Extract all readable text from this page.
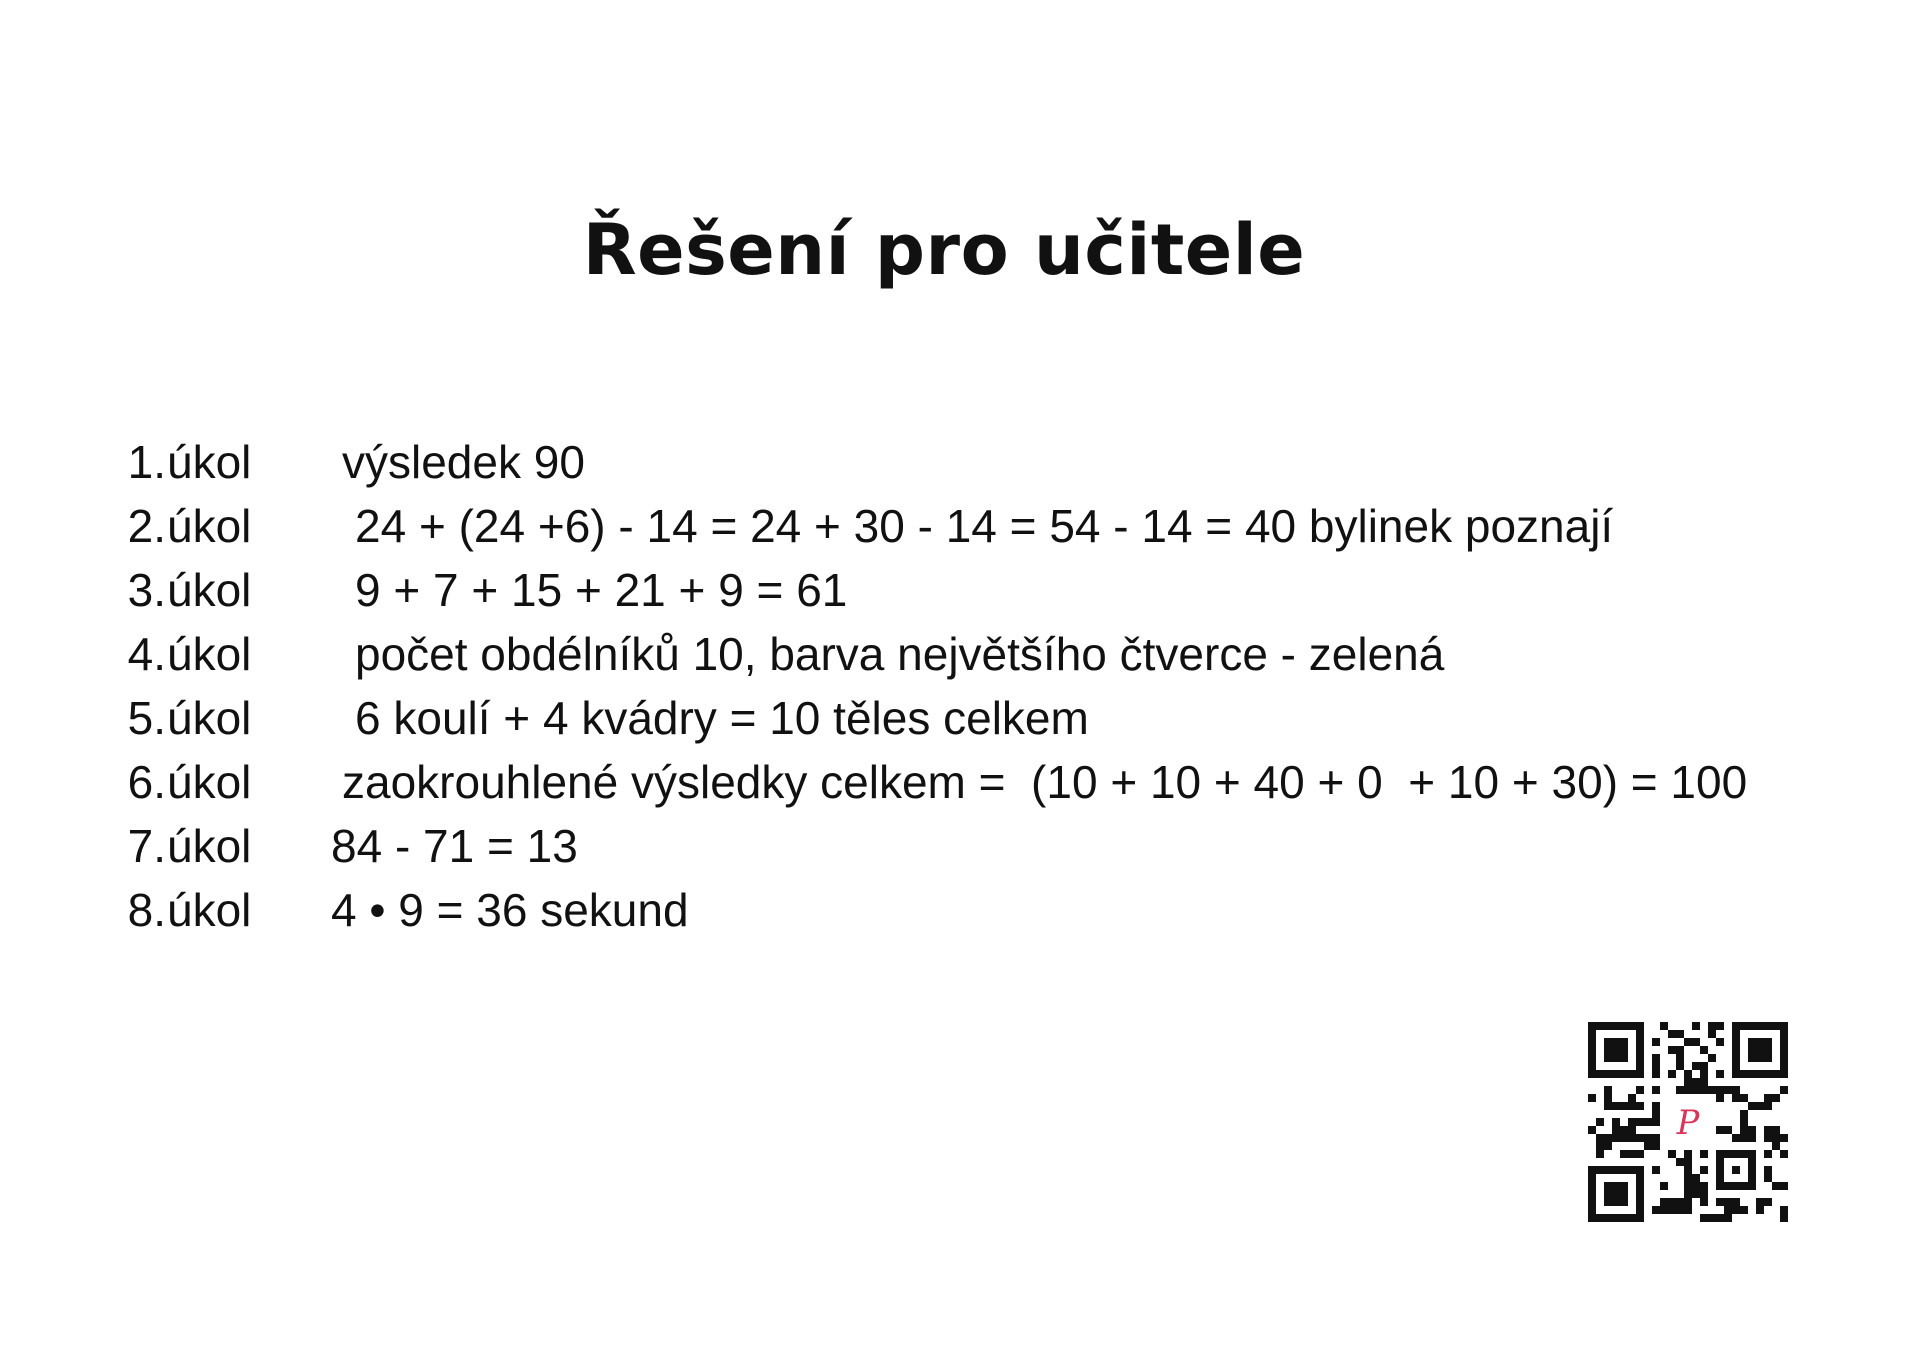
Řešení pro učitele
1. úkol výsledek 90
2. úkol 24 + (24 +6) - 14 = 24 + 30 - 14 = 54 - 14 = 40 bylinek poznají
3. úkol 9 + 7 + 15 + 21 + 9 = 61
4. úkol počet obdélníků 10, barva největšího čtverce - zelená
5. úkol 6 koulí + 4 kvádry = 10 těles celkem
6. úkol zaokrouhlené výsledky celkem =  (10 + 10 + 40 + 0  + 10 + 30) = 100
7. úkol 84 - 71 = 13
8. úkol 4 • 9 = 36 sekund
P
